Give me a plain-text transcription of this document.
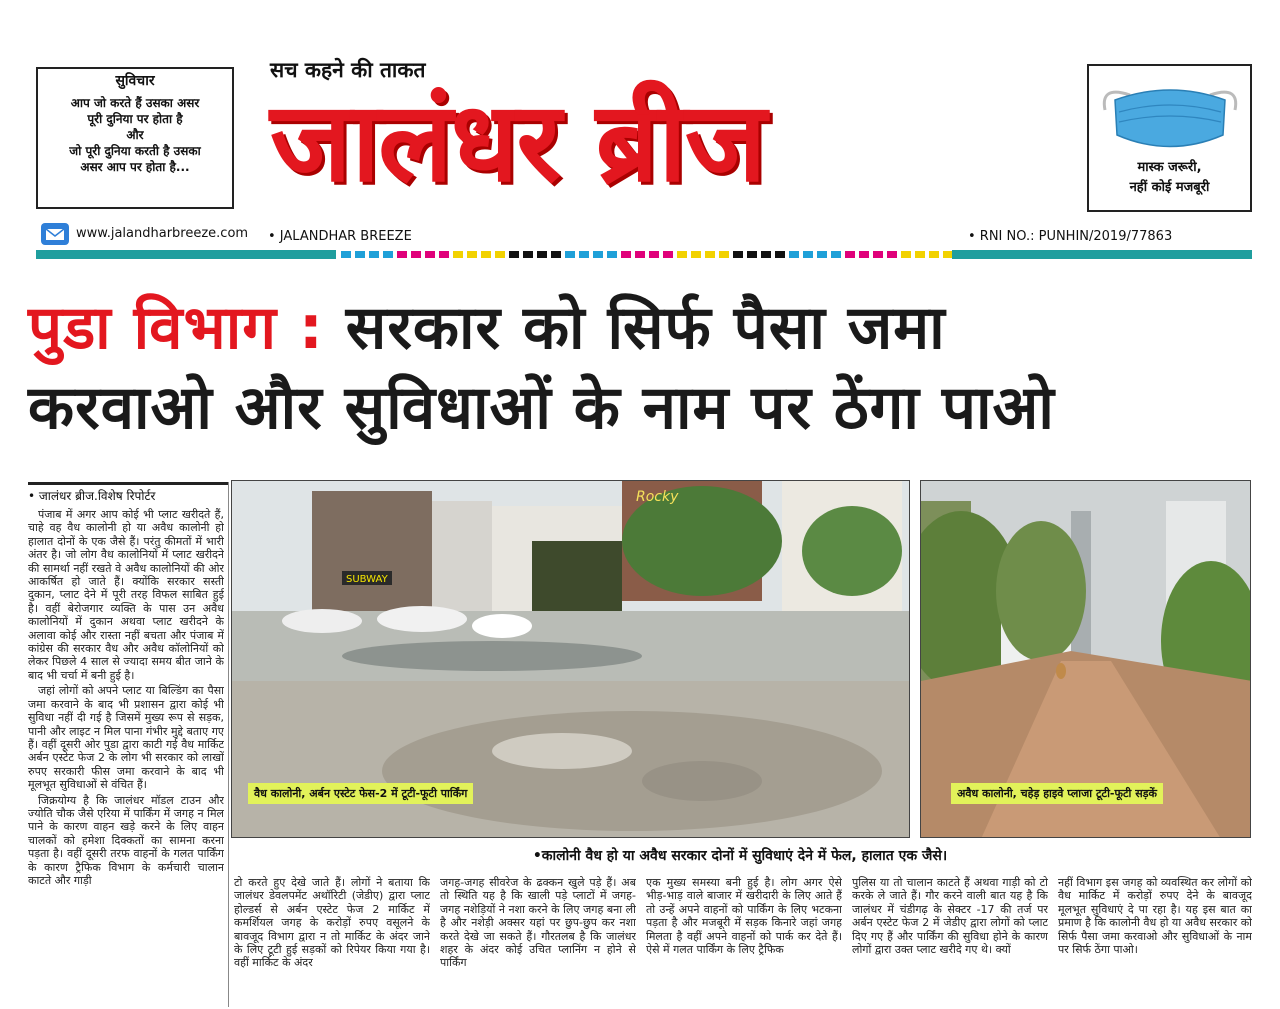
सुविचार
आप जो करते हैं उसका असर
पूरी दुनिया पर होता है
और
जो पूरी दुनिया करती है उसका
असर आप पर होता है...
सच कहने की ताकत
जालंधर ब्रीज	मास्क जरूरी,
नहीं कोई मजबूरी
www.jalandharbreeze.com • JALANDHAR BREEZE	• RNI NO.: PUNHIN/2019/77863
पुडा विभाग : सरकार को सिर्फ पैसा जमा
करवाओ और सुविधाओं के नाम पर ठेंगा पाओ
• जालंधर ब्रीज.विशेष रिपोर्टर

पंजाब में अगर आप कोई भी प्लाट खरीदते हैं, चाहे वह वैध कालोनी हो या अवैध कालोनी हो हालात दोनों के एक जैसे हैं। परंतु कीमतों में भारी अंतर है। जो लोग वैध कालोनियों में प्लाट खरीदने की सामर्था नहीं रखते वे अवैध कालोनियों की ओर आकर्षित हो जाते हैं। क्योंकि सरकार सस्ती दुकान, प्लाट देने में पूरी तरह विफल साबित हुई है। वहीं बेरोजगार व्यक्ति के पास उन अवैध कालोनियों में दुकान अथवा प्लाट खरीदने के अलावा कोई और रास्ता नहीं बचता और पंजाब में कांग्रेस की सरकार वैध और अवैध कॉलोनियों को लेकर पिछले 4 साल से ज्यादा समय बीत जाने के बाद भी चर्चा में बनी हुई है।

जहां लोगों को अपने प्लाट या बिल्डिंग का पैसा जमा करवाने के बाद भी प्रशासन द्वारा कोई भी सुविधा नहीं दी गई है जिसमें मुख्य रूप से सड़क, पानी और लाइट न मिल पाना गंभीर मुद्दे बताए गए हैं। वहीं दूसरी ओर पुडा द्वारा काटी गई वैध मार्किट अर्बन एस्टेट फेज 2 के लोग भी सरकार को लाखों रुपए सरकारी फीस जमा करवाने के बाद भी मूलभूत सुविधाओं से वंचित हैं।

जिक्रयोग्य है कि जालंधर मॉडल टाउन और ज्योति चौक जैसे एरिया में पार्किंग में जगह न मिल पाने के कारण वाहन खड़े करने के लिए वाहन चालकों को हमेशा दिक्कतों का सामना करना पड़ता है। वहीं दूसरी तरफ वाहनों के गलत पार्किंग के कारण ट्रैफिक विभाग के कर्मचारी चालान काटते और गाड़ी

SUBWAY
Rocky
वैध कालोनी, अर्बन एस्टेट फेस-2 में टूटी-फूटी पार्किंग	अवैध कालोनी, चहेड़ हाइवे प्लाजा टूटी-फूटी सड़कें
•कालोनी वैध हो या अवैध सरकार दोनों में सुविधाएं देने में फेल, हालात एक जैसे।

टो करते हुए देखे जाते हैं। लोगों ने बताया कि जालंधर डेवलपमेंट अथॉरिटी (जेडीए) द्वारा प्लाट होल्डर्स से अर्बन एस्टेट फेज 2 मार्किट में कमर्शियल जगह के करोड़ों रुपए वसूलने के बावजूद विभाग द्वारा न तो मार्किट के अंदर जाने के लिए टूटी हुई सड़कों को रिपेयर किया गया है। वहीं मार्किट के अंदर

जगह-जगह सीवरेज के ढक्कन खुले पड़े हैं। अब तो स्थिति यह है कि खाली पड़े प्लाटों में जगह-जगह नशेड़ियों ने नशा करने के लिए जगह बना ली है और नशेड़ी अक्सर यहां पर छुप-छुप कर नशा करते देखे जा सकते हैं। गौरतलब है कि जालंधर शहर के अंदर कोई उचित प्लानिंग न होने से पार्किंग

एक मुख्य समस्या बनी हुई है। लोग अगर ऐसे भीड़-भाड़ वाले बाजार में खरीदारी के लिए आते हैं तो उन्हें अपने वाहनों को पार्किंग के लिए भटकना पड़ता है और मजबूरी में सड़क किनारे जहां जगह मिलता है वहीं अपने वाहनों को पार्क कर देते हैं। ऐसे में गलत पार्किंग के लिए ट्रैफिक

पुलिस या तो चालान काटते हैं अथवा गाड़ी को टो करके ले जाते हैं। गौर करने वाली बात यह है कि जालंधर में चंडीगढ़ के सेक्टर -17 की तर्ज पर अर्बन एस्टेट फेज 2 में जेडीए द्वारा लोगों को प्लाट दिए गए हैं और पार्किंग की सुविधा होने के कारण लोगों द्वारा उक्त प्लाट खरीदे गए थे। क्यों

नहीं विभाग इस जगह को व्यवस्थित कर लोगों को वैध मार्किट में करोड़ों रुपए देने के बावजूद मूलभूत सुविधाएं दे पा रहा है। यह इस बात का प्रमाण है कि कालोनी वैध हो या अवैध सरकार को सिर्फ पैसा जमा करवाओ और सुविधाओं के नाम पर सिर्फ ठेंगा पाओ।
